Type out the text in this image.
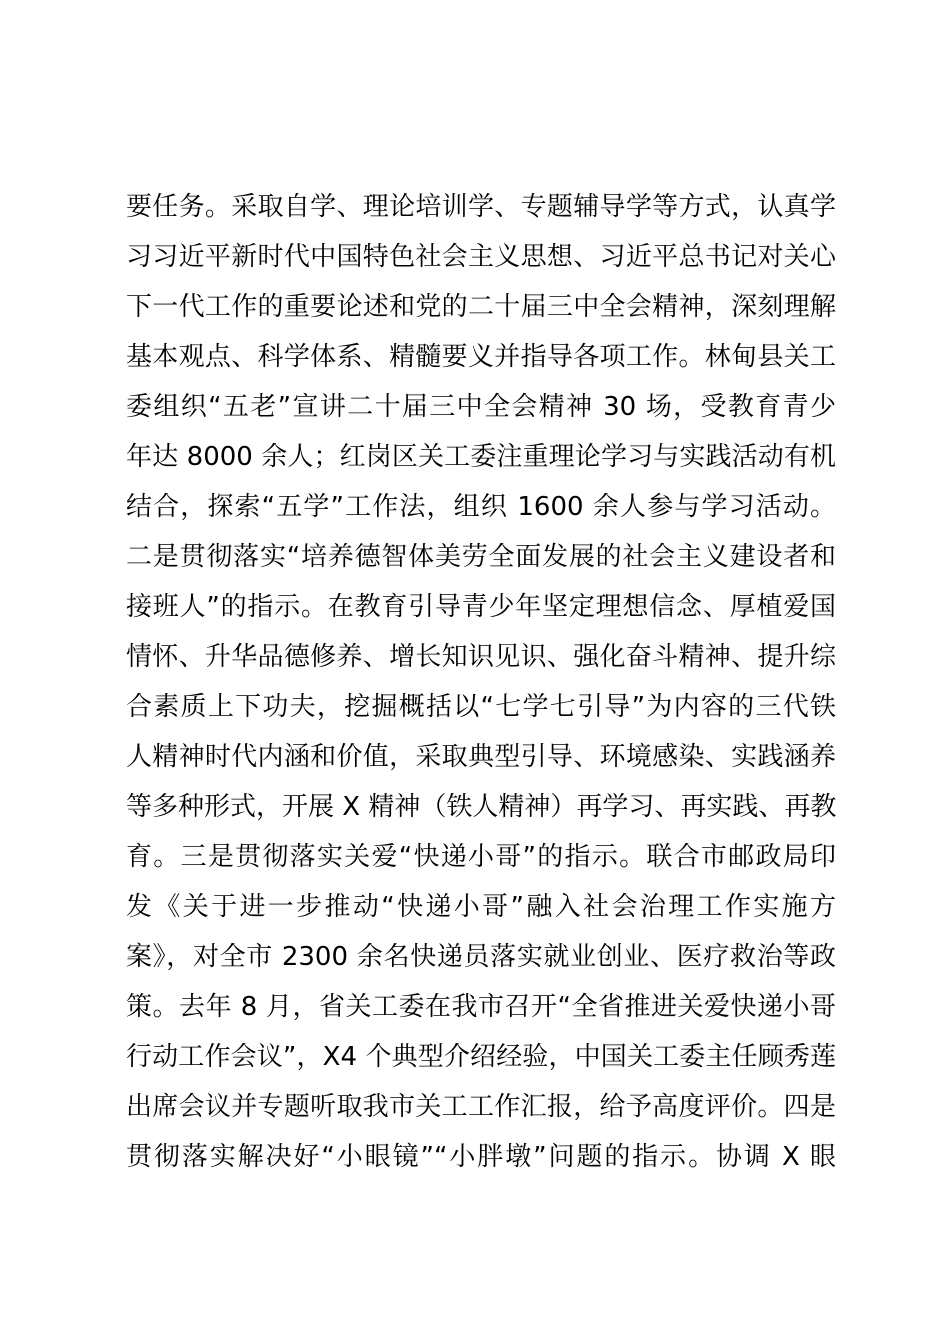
要任务。采取自学、理论培训学、专题辅导学等方式，认真学
习习近平新时代中国特色社会主义思想、习近平总书记对关心
下一代工作的重要论述和党的二十届三中全会精神，深刻理解
基本观点、科学体系、精髓要义并指导各项工作。林甸县关工
委组织“五老”宣讲二十届三中全会精神 30 场，受教育青少
年达 8000 余人；红岗区关工委注重理论学习与实践活动有机
结合，探索“五学”工作法，组织 1600 余人参与学习活动。
二是贯彻落实“培养德智体美劳全面发展的社会主义建设者和
接班人”的指示。在教育引导青少年坚定理想信念、厚植爱国
情怀、升华品德修养、增长知识见识、强化奋斗精神、提升综
合素质上下功夫，挖掘概括以“七学七引导”为内容的三代铁
人精神时代内涵和价值，采取典型引导、环境感染、实践涵养
等多种形式，开展 X 精神（铁人精神）再学习、再实践、再教
育。三是贯彻落实关爱“快递小哥”的指示。联合市邮政局印
发《关于进一步推动“快递小哥”融入社会治理工作实施方
案》，对全市 2300 余名快递员落实就业创业、医疗救治等政
策。去年 8 月，省关工委在我市召开“全省推进关爱快递小哥
行动工作会议”，X4 个典型介绍经验，中国关工委主任顾秀莲
出席会议并专题听取我市关工工作汇报，给予高度评价。四是
贯彻落实解决好“小眼镜”“小胖墩”问题的指示。协调 X 眼
